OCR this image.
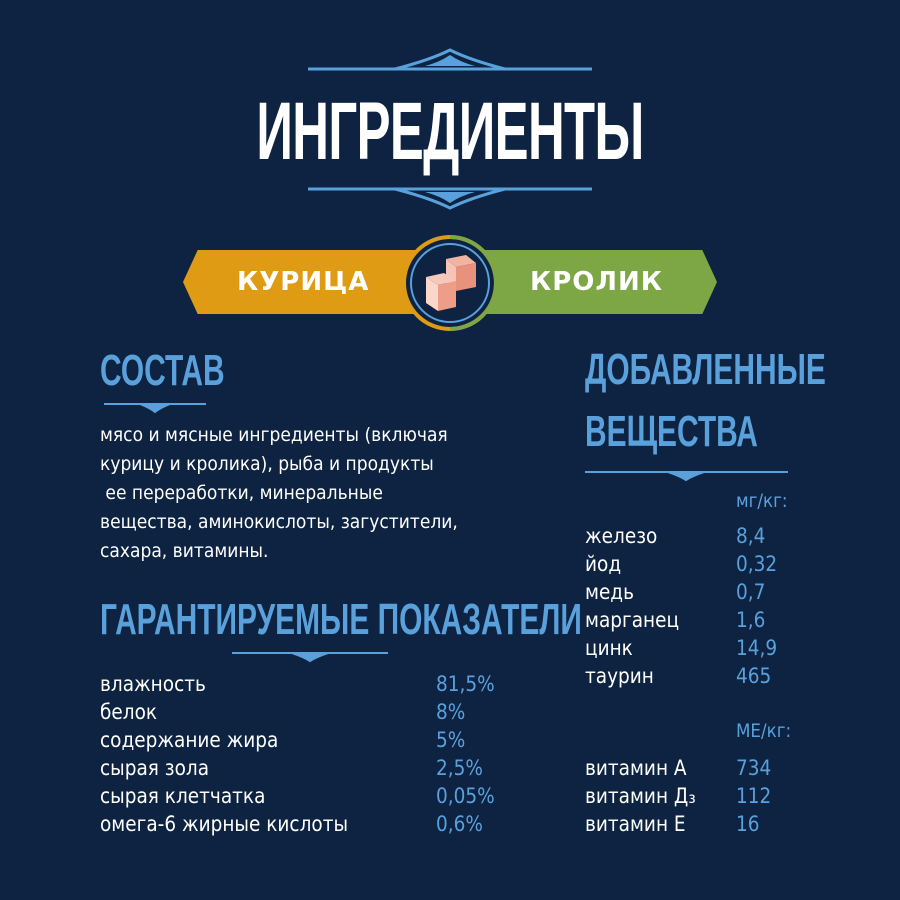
ИНГРЕДИЕНТЫ
КУРИЦА	КРОЛИК
СОСТАВ
мясо и мясные ингредиенты (включая
курицу и кролика), рыба и продукты
ее переработки, минеральные
вещества, аминокислоты, загустители,
сахара, витамины.
ГАРАНТИРУЕМЫЕ ПОКАЗАТЕЛИ
влажность	81,5%
белок	8%
содержание жира	5%
сырая зола	2,5%
сырая клетчатка	0,05%
омега-6 жирные кислоты	0,6%
ДОБАВЛЕННЫЕ
ВЕЩЕСТВА
мг/кг:
железо	8,4
йод	0,32
медь	0,7
марганец	1,6
цинк	14,9
таурин	465
МЕ/кг:
витамин А	734
витамин Д₃	112
витамин Е	16
